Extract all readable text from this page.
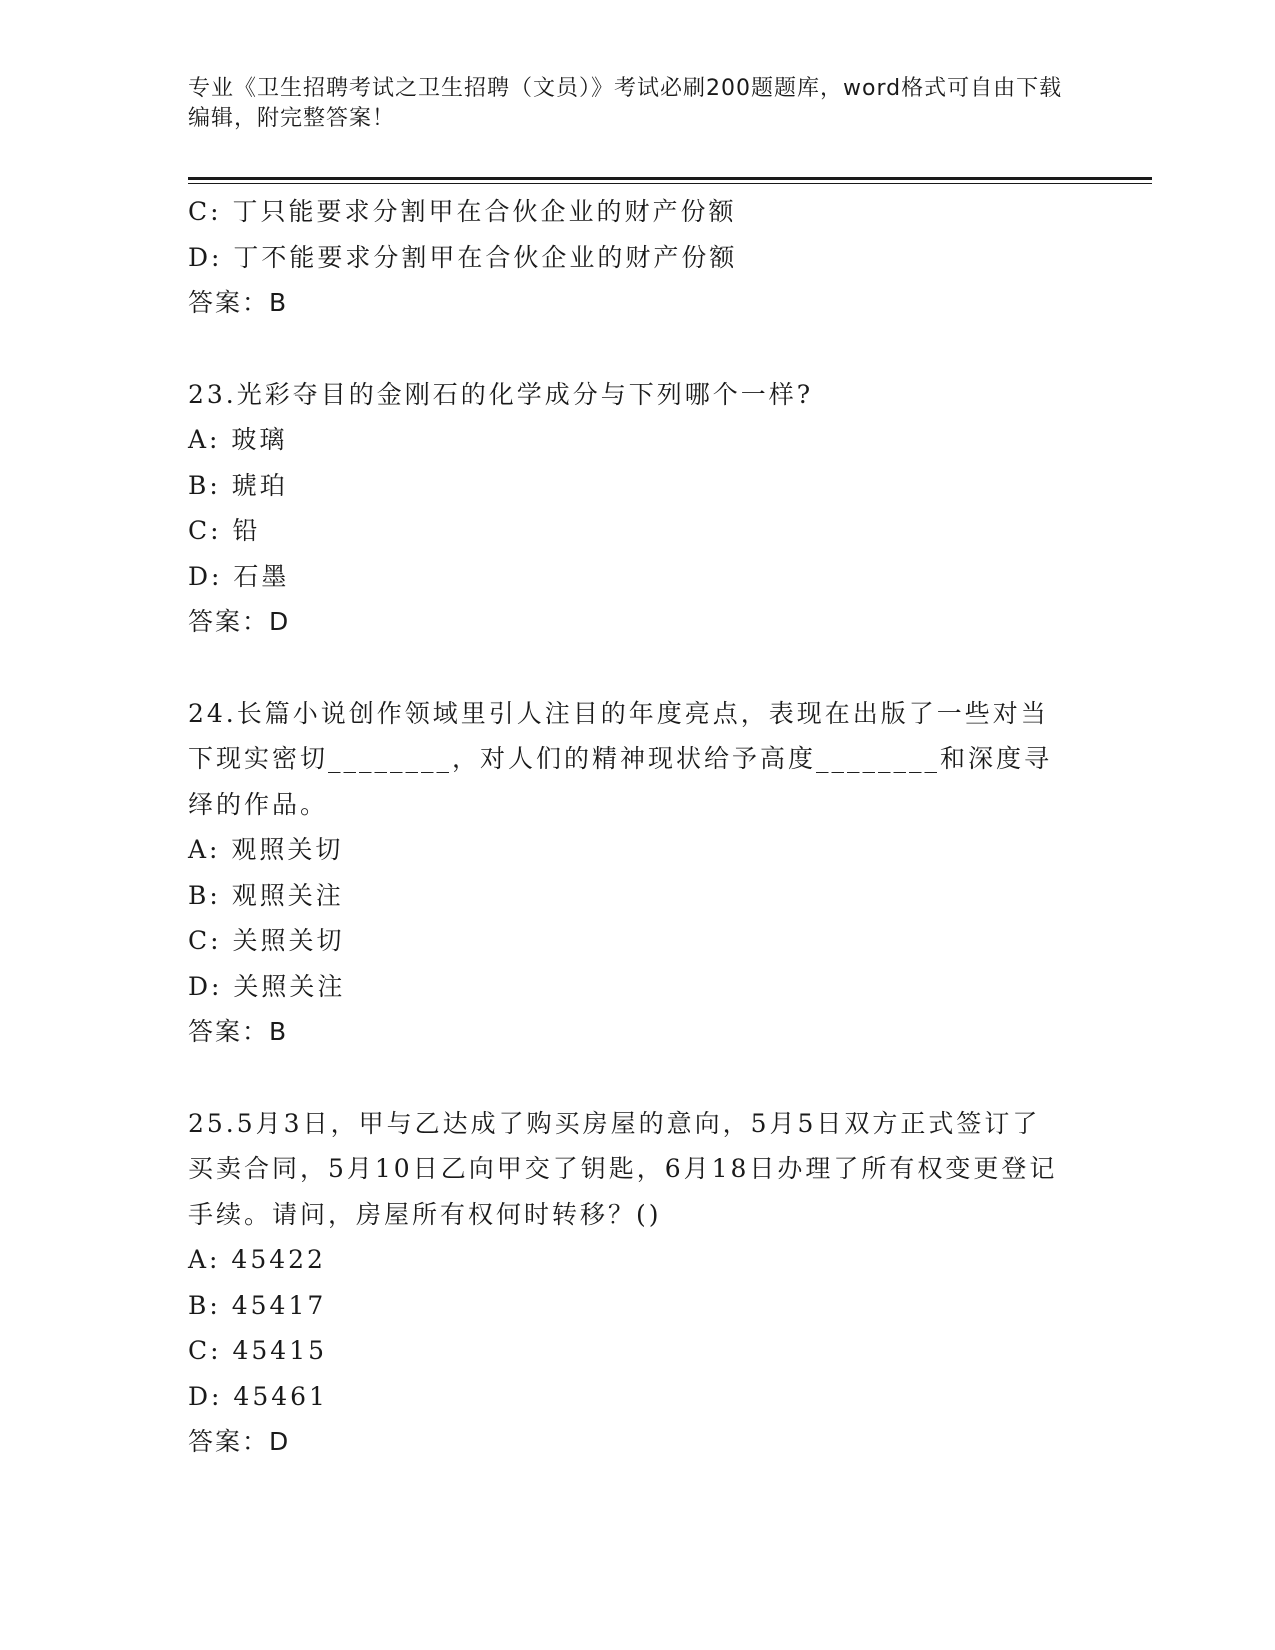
专业《卫生招聘考试之卫生招聘（文员）》考试必刷200题题库，word格式可自由下载编辑，附完整答案！
C: 丁只能要求分割甲在合伙企业的财产份额
D: 丁不能要求分割甲在合伙企业的财产份额
答案：B
23.光彩夺目的金刚石的化学成分与下列哪个一样?
A: 玻璃
B: 琥珀
C: 铅
D: 石墨
答案：D
24.长篇小说创作领域里引人注目的年度亮点，表现在出版了一些对当下现实密切________，对人们的精神现状给予高度________和深度寻绎的作品。
A: 观照关切
B: 观照关注
C: 关照关切
D: 关照关注
答案：B
25.5月3日，甲与乙达成了购买房屋的意向，5月5日双方正式签订了买卖合同，5月10日乙向甲交了钥匙，6月18日办理了所有权变更登记手续。请问，房屋所有权何时转移？()
A: 45422
B: 45417
C: 45415
D: 45461
答案：D
